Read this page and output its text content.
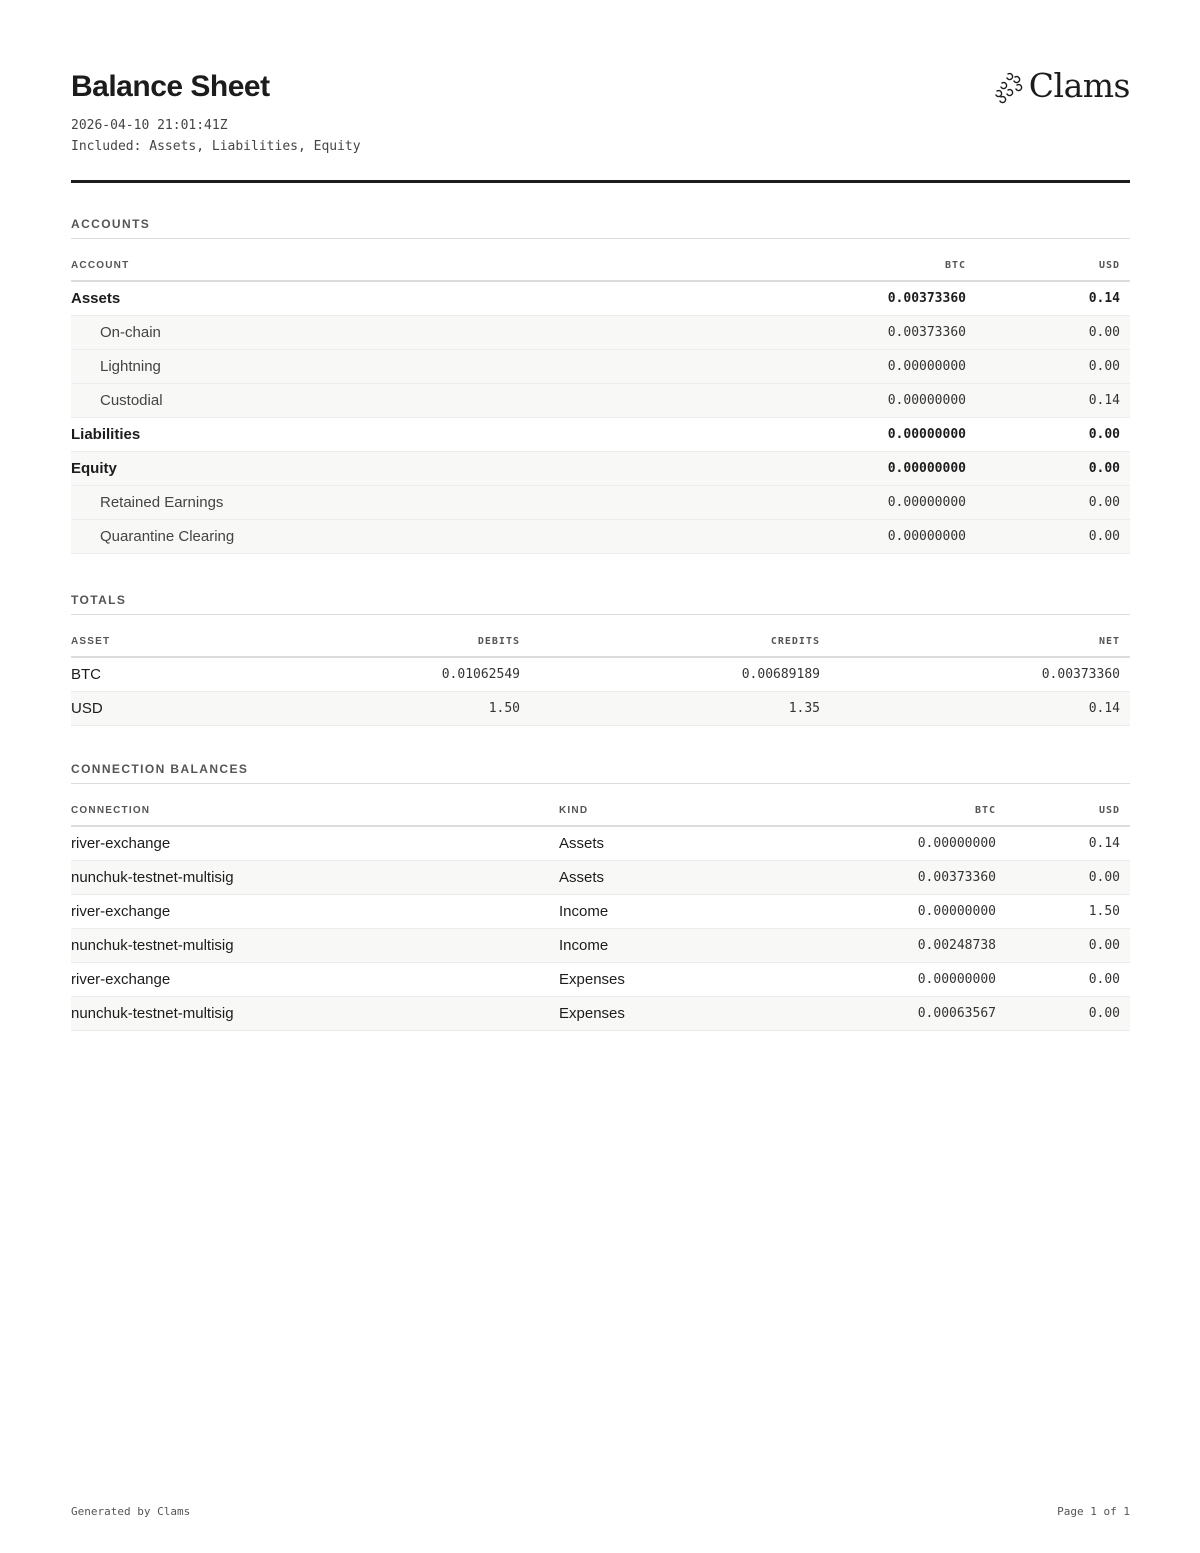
Balance Sheet
2026-04-10 21:01:41Z
Included: Assets, Liabilities, Equity
Clams
ACCOUNTS
ACCOUNT	BTC	USD
Assets	0.00373360	0.14
On-chain	0.00373360	0.00
Lightning	0.00000000	0.00
Custodial	0.00000000	0.14
Liabilities	0.00000000	0.00
Equity	0.00000000	0.00
Retained Earnings	0.00000000	0.00
Quarantine Clearing	0.00000000	0.00
TOTALS
ASSET	DEBITS	CREDITS	NET
BTC	0.01062549	0.00689189	0.00373360
USD	1.50	1.35	0.14
CONNECTION BALANCES
CONNECTION	KIND	BTC	USD
river-exchange	Assets	0.00000000	0.14
nunchuk-testnet-multisig	Assets	0.00373360	0.00
river-exchange	Income	0.00000000	1.50
nunchuk-testnet-multisig	Income	0.00248738	0.00
river-exchange	Expenses	0.00000000	0.00
nunchuk-testnet-multisig	Expenses	0.00063567	0.00
Generated by Clams	Page 1 of 1
